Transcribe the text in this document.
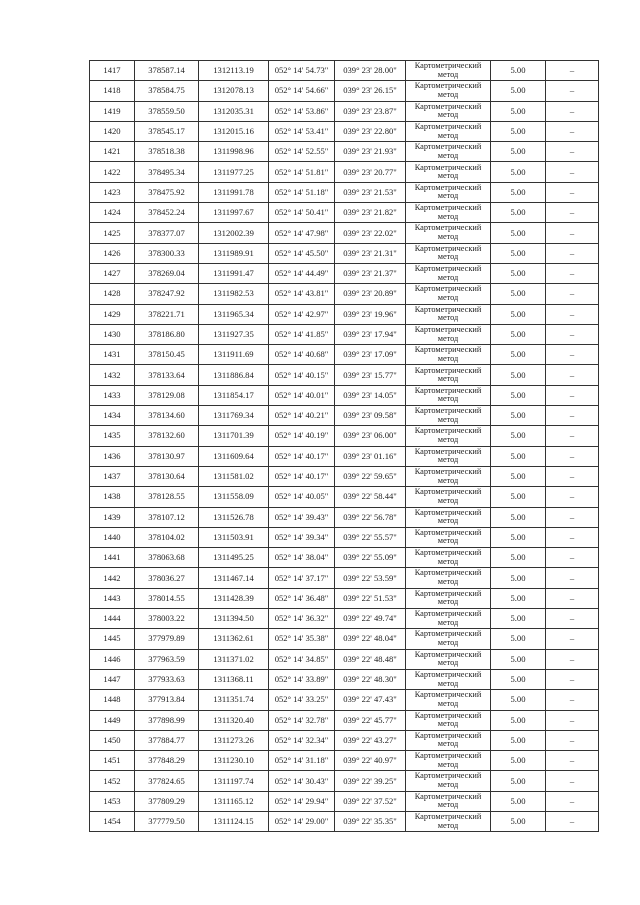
1417	378587.14	1312113.19	052° 14' 54.73"	039° 23' 28.00"	Картометрический метод	5.00	–
1418	378584.75	1312078.13	052° 14' 54.66"	039° 23' 26.15"	Картометрический метод	5.00	–
1419	378559.50	1312035.31	052° 14' 53.86"	039° 23' 23.87"	Картометрический метод	5.00	–
1420	378545.17	1312015.16	052° 14' 53.41"	039° 23' 22.80"	Картометрический метод	5.00	–
1421	378518.38	1311998.96	052° 14' 52.55"	039° 23' 21.93"	Картометрический метод	5.00	–
1422	378495.34	1311977.25	052° 14' 51.81"	039° 23' 20.77"	Картометрический метод	5.00	–
1423	378475.92	1311991.78	052° 14' 51.18"	039° 23' 21.53"	Картометрический метод	5.00	–
1424	378452.24	1311997.67	052° 14' 50.41"	039° 23' 21.82"	Картометрический метод	5.00	–
1425	378377.07	1312002.39	052° 14' 47.98"	039° 23' 22.02"	Картометрический метод	5.00	–
1426	378300.33	1311989.91	052° 14' 45.50"	039° 23' 21.31"	Картометрический метод	5.00	–
1427	378269.04	1311991.47	052° 14' 44.49"	039° 23' 21.37"	Картометрический метод	5.00	–
1428	378247.92	1311982.53	052° 14' 43.81"	039° 23' 20.89"	Картометрический метод	5.00	–
1429	378221.71	1311965.34	052° 14' 42.97"	039° 23' 19.96"	Картометрический метод	5.00	–
1430	378186.80	1311927.35	052° 14' 41.85"	039° 23' 17.94"	Картометрический метод	5.00	–
1431	378150.45	1311911.69	052° 14' 40.68"	039° 23' 17.09"	Картометрический метод	5.00	–
1432	378133.64	1311886.84	052° 14' 40.15"	039° 23' 15.77"	Картометрический метод	5.00	–
1433	378129.08	1311854.17	052° 14' 40.01"	039° 23' 14.05"	Картометрический метод	5.00	–
1434	378134.60	1311769.34	052° 14' 40.21"	039° 23' 09.58"	Картометрический метод	5.00	–
1435	378132.60	1311701.39	052° 14' 40.19"	039° 23' 06.00"	Картометрический метод	5.00	–
1436	378130.97	1311609.64	052° 14' 40.17"	039° 23' 01.16"	Картометрический метод	5.00	–
1437	378130.64	1311581.02	052° 14' 40.17"	039° 22' 59.65"	Картометрический метод	5.00	–
1438	378128.55	1311558.09	052° 14' 40.05"	039° 22' 58.44"	Картометрический метод	5.00	–
1439	378107.12	1311526.78	052° 14' 39.43"	039° 22' 56.78"	Картометрический метод	5.00	–
1440	378104.02	1311503.91	052° 14' 39.34"	039° 22' 55.57"	Картометрический метод	5.00	–
1441	378063.68	1311495.25	052° 14' 38.04"	039° 22' 55.09"	Картометрический метод	5.00	–
1442	378036.27	1311467.14	052° 14' 37.17"	039° 22' 53.59"	Картометрический метод	5.00	–
1443	378014.55	1311428.39	052° 14' 36.48"	039° 22' 51.53"	Картометрический метод	5.00	–
1444	378003.22	1311394.50	052° 14' 36.32"	039° 22' 49.74"	Картометрический метод	5.00	–
1445	377979.89	1311362.61	052° 14' 35.38"	039° 22' 48.04"	Картометрический метод	5.00	–
1446	377963.59	1311371.02	052° 14' 34.85"	039° 22' 48.48"	Картометрический метод	5.00	–
1447	377933.63	1311368.11	052° 14' 33.89"	039° 22' 48.30"	Картометрический метод	5.00	–
1448	377913.84	1311351.74	052° 14' 33.25"	039° 22' 47.43"	Картометрический метод	5.00	–
1449	377898.99	1311320.40	052° 14' 32.78"	039° 22' 45.77"	Картометрический метод	5.00	–
1450	377884.77	1311273.26	052° 14' 32.34"	039° 22' 43.27"	Картометрический метод	5.00	–
1451	377848.29	1311230.10	052° 14' 31.18"	039° 22' 40.97"	Картометрический метод	5.00	–
1452	377824.65	1311197.74	052° 14' 30.43"	039° 22' 39.25"	Картометрический метод	5.00	–
1453	377809.29	1311165.12	052° 14' 29.94"	039° 22' 37.52"	Картометрический метод	5.00	–
1454	377779.50	1311124.15	052° 14' 29.00"	039° 22' 35.35"	Картометрический метод	5.00	–
